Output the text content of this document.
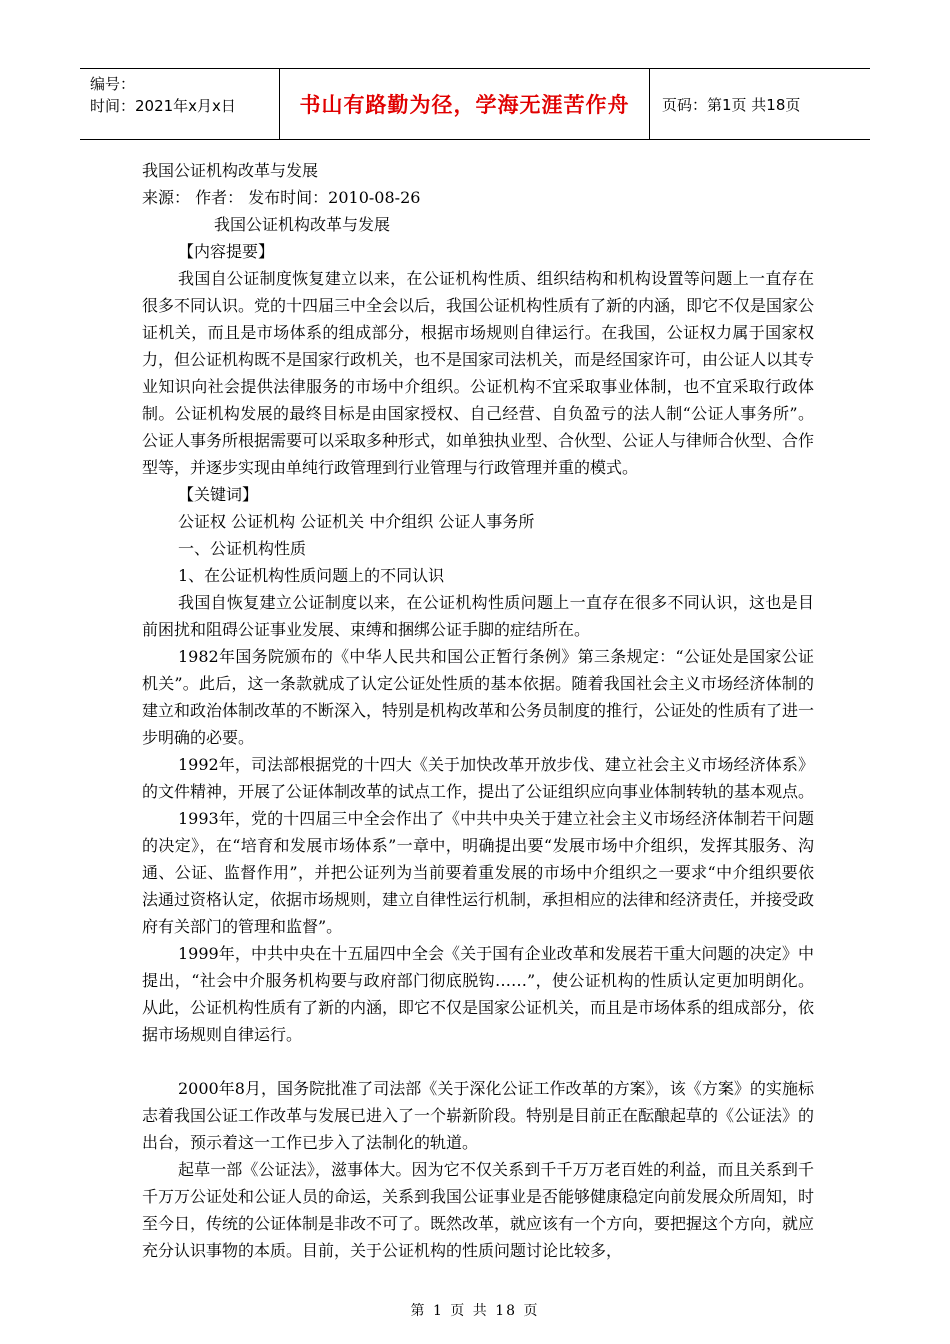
编号：
时间：2021年x月x日	书山有路勤为径，学海无涯苦作舟	页码：第1页 共18页

我国公证机构改革与发展

来源： 作者： 发布时间：2010-08-26

我国公证机构改革与发展

【内容提要】

我国自公证制度恢复建立以来，在公证机构性质、组织结构和机构设置等问题上一直存在很多不同认识。党的十四届三中全会以后，我国公证机构性质有了新的内涵，即它不仅是国家公证机关，而且是市场体系的组成部分，根据市场规则自律运行。在我国，公证权力属于国家权力，但公证机构既不是国家行政机关，也不是国家司法机关，而是经国家许可，由公证人以其专业知识向社会提供法律服务的市场中介组织。公证机构不宜采取事业体制，也不宜采取行政体制。公证机构发展的最终目标是由国家授权、自己经营、自负盈亏的法人制“公证人事务所”。公证人事务所根据需要可以采取多种形式，如单独执业型、合伙型、公证人与律师合伙型、合作型等，并逐步实现由单纯行政管理到行业管理与行政管理并重的模式。

【关键词】

公证权 公证机构 公证机关 中介组织 公证人事务所

一、公证机构性质

1、在公证机构性质问题上的不同认识

我国自恢复建立公证制度以来，在公证机构性质问题上一直存在很多不同认识，这也是目前困扰和阻碍公证事业发展、束缚和捆绑公证手脚的症结所在。

1982年国务院颁布的《中华人民共和国公正暂行条例》第三条规定：“公证处是国家公证机关”。此后，这一条款就成了认定公证处性质的基本依据。随着我国社会主义市场经济体制的建立和政治体制改革的不断深入，特别是机构改革和公务员制度的推行，公证处的性质有了进一步明确的必要。

1992年，司法部根据党的十四大《关于加快改革开放步伐、建立社会主义市场经济体系》的文件精神，开展了公证体制改革的试点工作，提出了公证组织应向事业体制转轨的基本观点。

1993年，党的十四届三中全会作出了《中共中央关于建立社会主义市场经济体制若干问题的决定》，在“培育和发展市场体系”一章中，明确提出要“发展市场中介组织，发挥其服务、沟通、公证、监督作用”，并把公证列为当前要着重发展的市场中介组织之一要求“中介组织要依法通过资格认定，依据市场规则，建立自律性运行机制，承担相应的法律和经济责任，并接受政府有关部门的管理和监督”。

1999年，中共中央在十五届四中全会《关于国有企业改革和发展若干重大问题的决定》中提出，“社会中介服务机构要与政府部门彻底脱钩……”，使公证机构的性质认定更加明朗化。从此，公证机构性质有了新的内涵，即它不仅是国家公证机关，而且是市场体系的组成部分，依据市场规则自律运行。

2000年8月，国务院批准了司法部《关于深化公证工作改革的方案》，该《方案》的实施标志着我国公证工作改革与发展已进入了一个崭新阶段。特别是目前正在酝酿起草的《公证法》的出台，预示着这一工作已步入了法制化的轨道。

起草一部《公证法》，滋事体大。因为它不仅关系到千千万万老百姓的利益，而且关系到千千万万公证处和公证人员的命运，关系到我国公证事业是否能够健康稳定向前发展众所周知，时至今日，传统的公证体制是非改不可了。既然改革，就应该有一个方向，要把握这个方向，就应充分认识事物的本质。目前，关于公证机构的性质问题讨论比较多，

第 1 页 共 18 页
